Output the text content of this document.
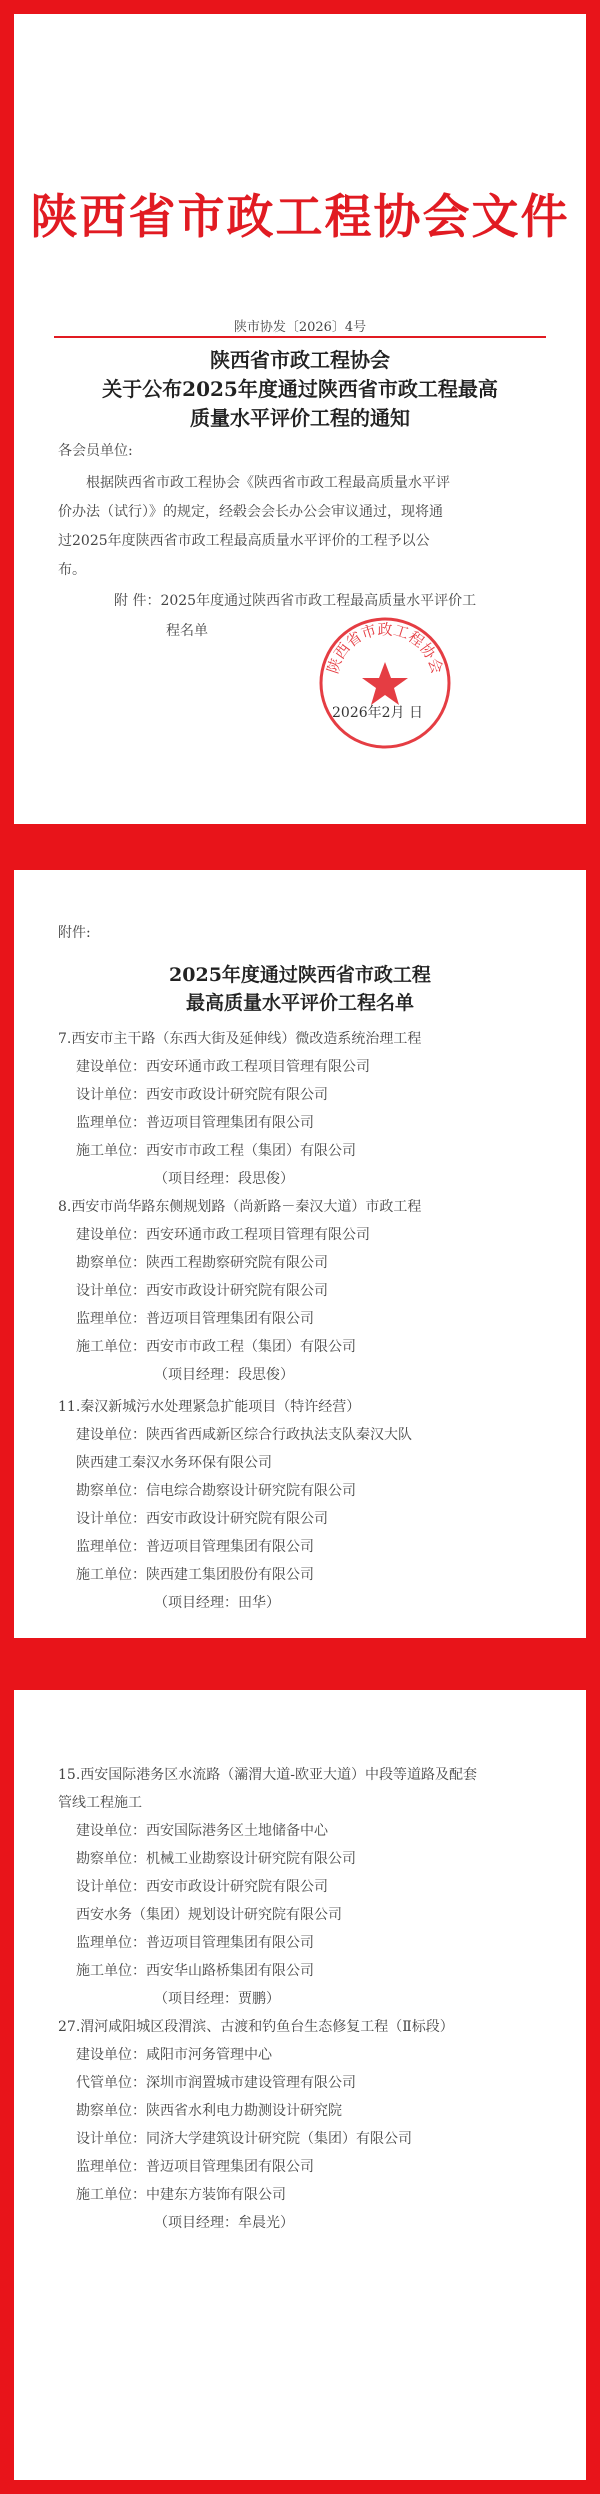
陕西省市政工程协会文件
陕市协发〔2026〕4号
陕西省市政工程协会
关于公布2025年度通过陕西省市政工程最高
质量水平评价工程的通知
各会员单位:
根据陕西省市政工程协会《陕西省市政工程最高质量水平评
价办法（试行）》的规定，经毂会会长办公会审议通过，现将通
过2025年度陕西省市政工程最高质量水平评价的工程予以公
布。
附 件：2025年度通过陕西省市政工程最高质量水平评价工
程名单
陕西省市政工程协会
2026年2月 日
附件:
2025年度通过陕西省市政工程
最高质量水平评价工程名单
7.西安市主干路（东西大街及延伸线）微改造系统治理工程
建设单位：西安环通市政工程项目管理有限公司
设计单位：西安市政设计研究院有限公司
监理单位：普迈项目管理集团有限公司
施工单位：西安市市政工程（集团）有限公司
（项目经理：段思俊）
8.西安市尚华路东侧规划路（尚新路－秦汉大道）市政工程
建设单位：西安环通市政工程项目管理有限公司
勘察单位：陕西工程勘察研究院有限公司
设计单位：西安市政设计研究院有限公司
监理单位：普迈项目管理集团有限公司
施工单位：西安市市政工程（集团）有限公司
（项目经理：段思俊）
11.秦汉新城污水处理紧急扩能项目（特许经营）
建设单位：陕西省西咸新区综合行政执法支队秦汉大队
陕西建工秦汉水务环保有限公司
勘察单位：信电综合勘察设计研究院有限公司
设计单位：西安市政设计研究院有限公司
监理单位：普迈项目管理集团有限公司
施工单位：陕西建工集团股份有限公司
（项目经理：田华）
15.西安国际港务区水流路（灞渭大道-欧亚大道）中段等道路及配套
管线工程施工
建设单位：西安国际港务区土地储备中心
勘察单位：机械工业勘察设计研究院有限公司
设计单位：西安市政设计研究院有限公司
西安水务（集团）规划设计研究院有限公司
监理单位：普迈项目管理集团有限公司
施工单位：西安华山路桥集团有限公司
（项目经理：贾鹏）
27.渭河咸阳城区段渭滨、古渡和钓鱼台生态修复工程（Ⅱ标段）
建设单位：咸阳市河务管理中心
代管单位：深圳市润置城市建设管理有限公司
勘察单位：陕西省水利电力勘测设计研究院
设计单位：同济大学建筑设计研究院（集团）有限公司
监理单位：普迈项目管理集团有限公司
施工单位：中建东方装饰有限公司
（项目经理：牟晨光）
